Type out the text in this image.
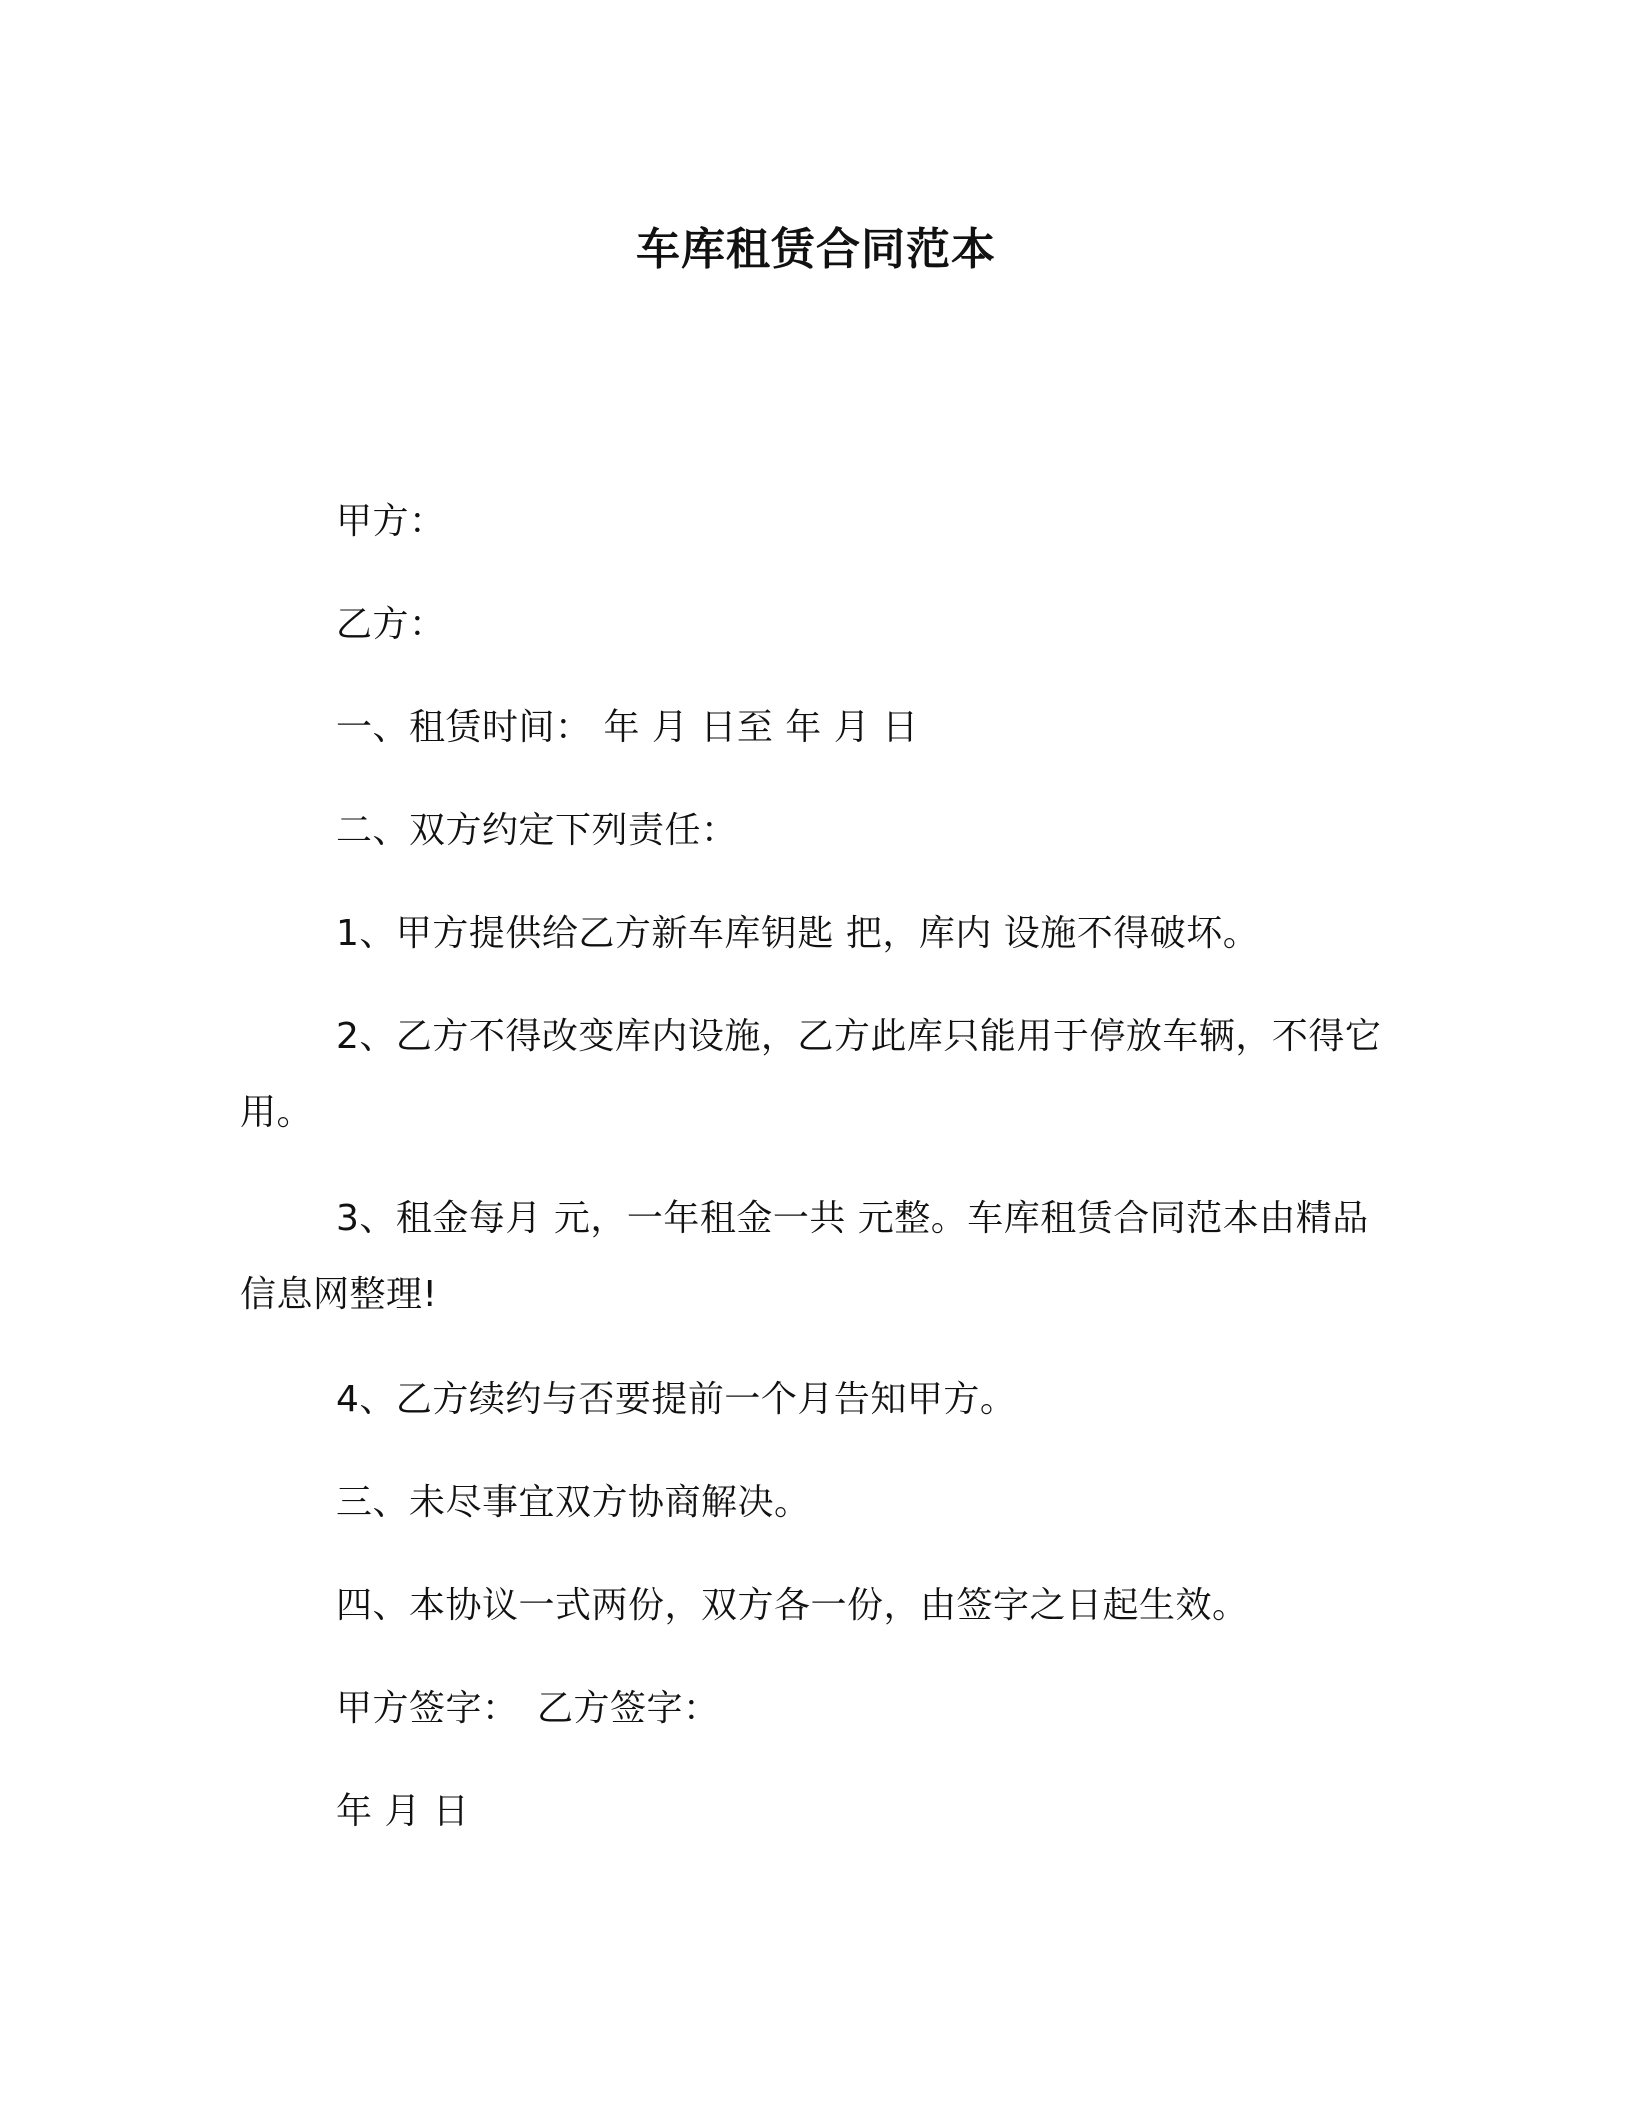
车库租赁合同范本
甲方：
乙方：
一、租赁时间： 年 月 日至 年 月 日
二、双方约定下列责任：
1、甲方提供给乙方新车库钥匙 把，库内 设施不得破坏。
2、乙方不得改变库内设施，乙方此库只能用于停放车辆，不得它用。
3、租金每月 元，一年租金一共 元整。车库租赁合同范本由精品信息网整理!
4、乙方续约与否要提前一个月告知甲方。
三、未尽事宜双方协商解决。
四、本协议一式两份，双方各一份，由签字之日起生效。
甲方签字：　乙方签字：
年 月 日
